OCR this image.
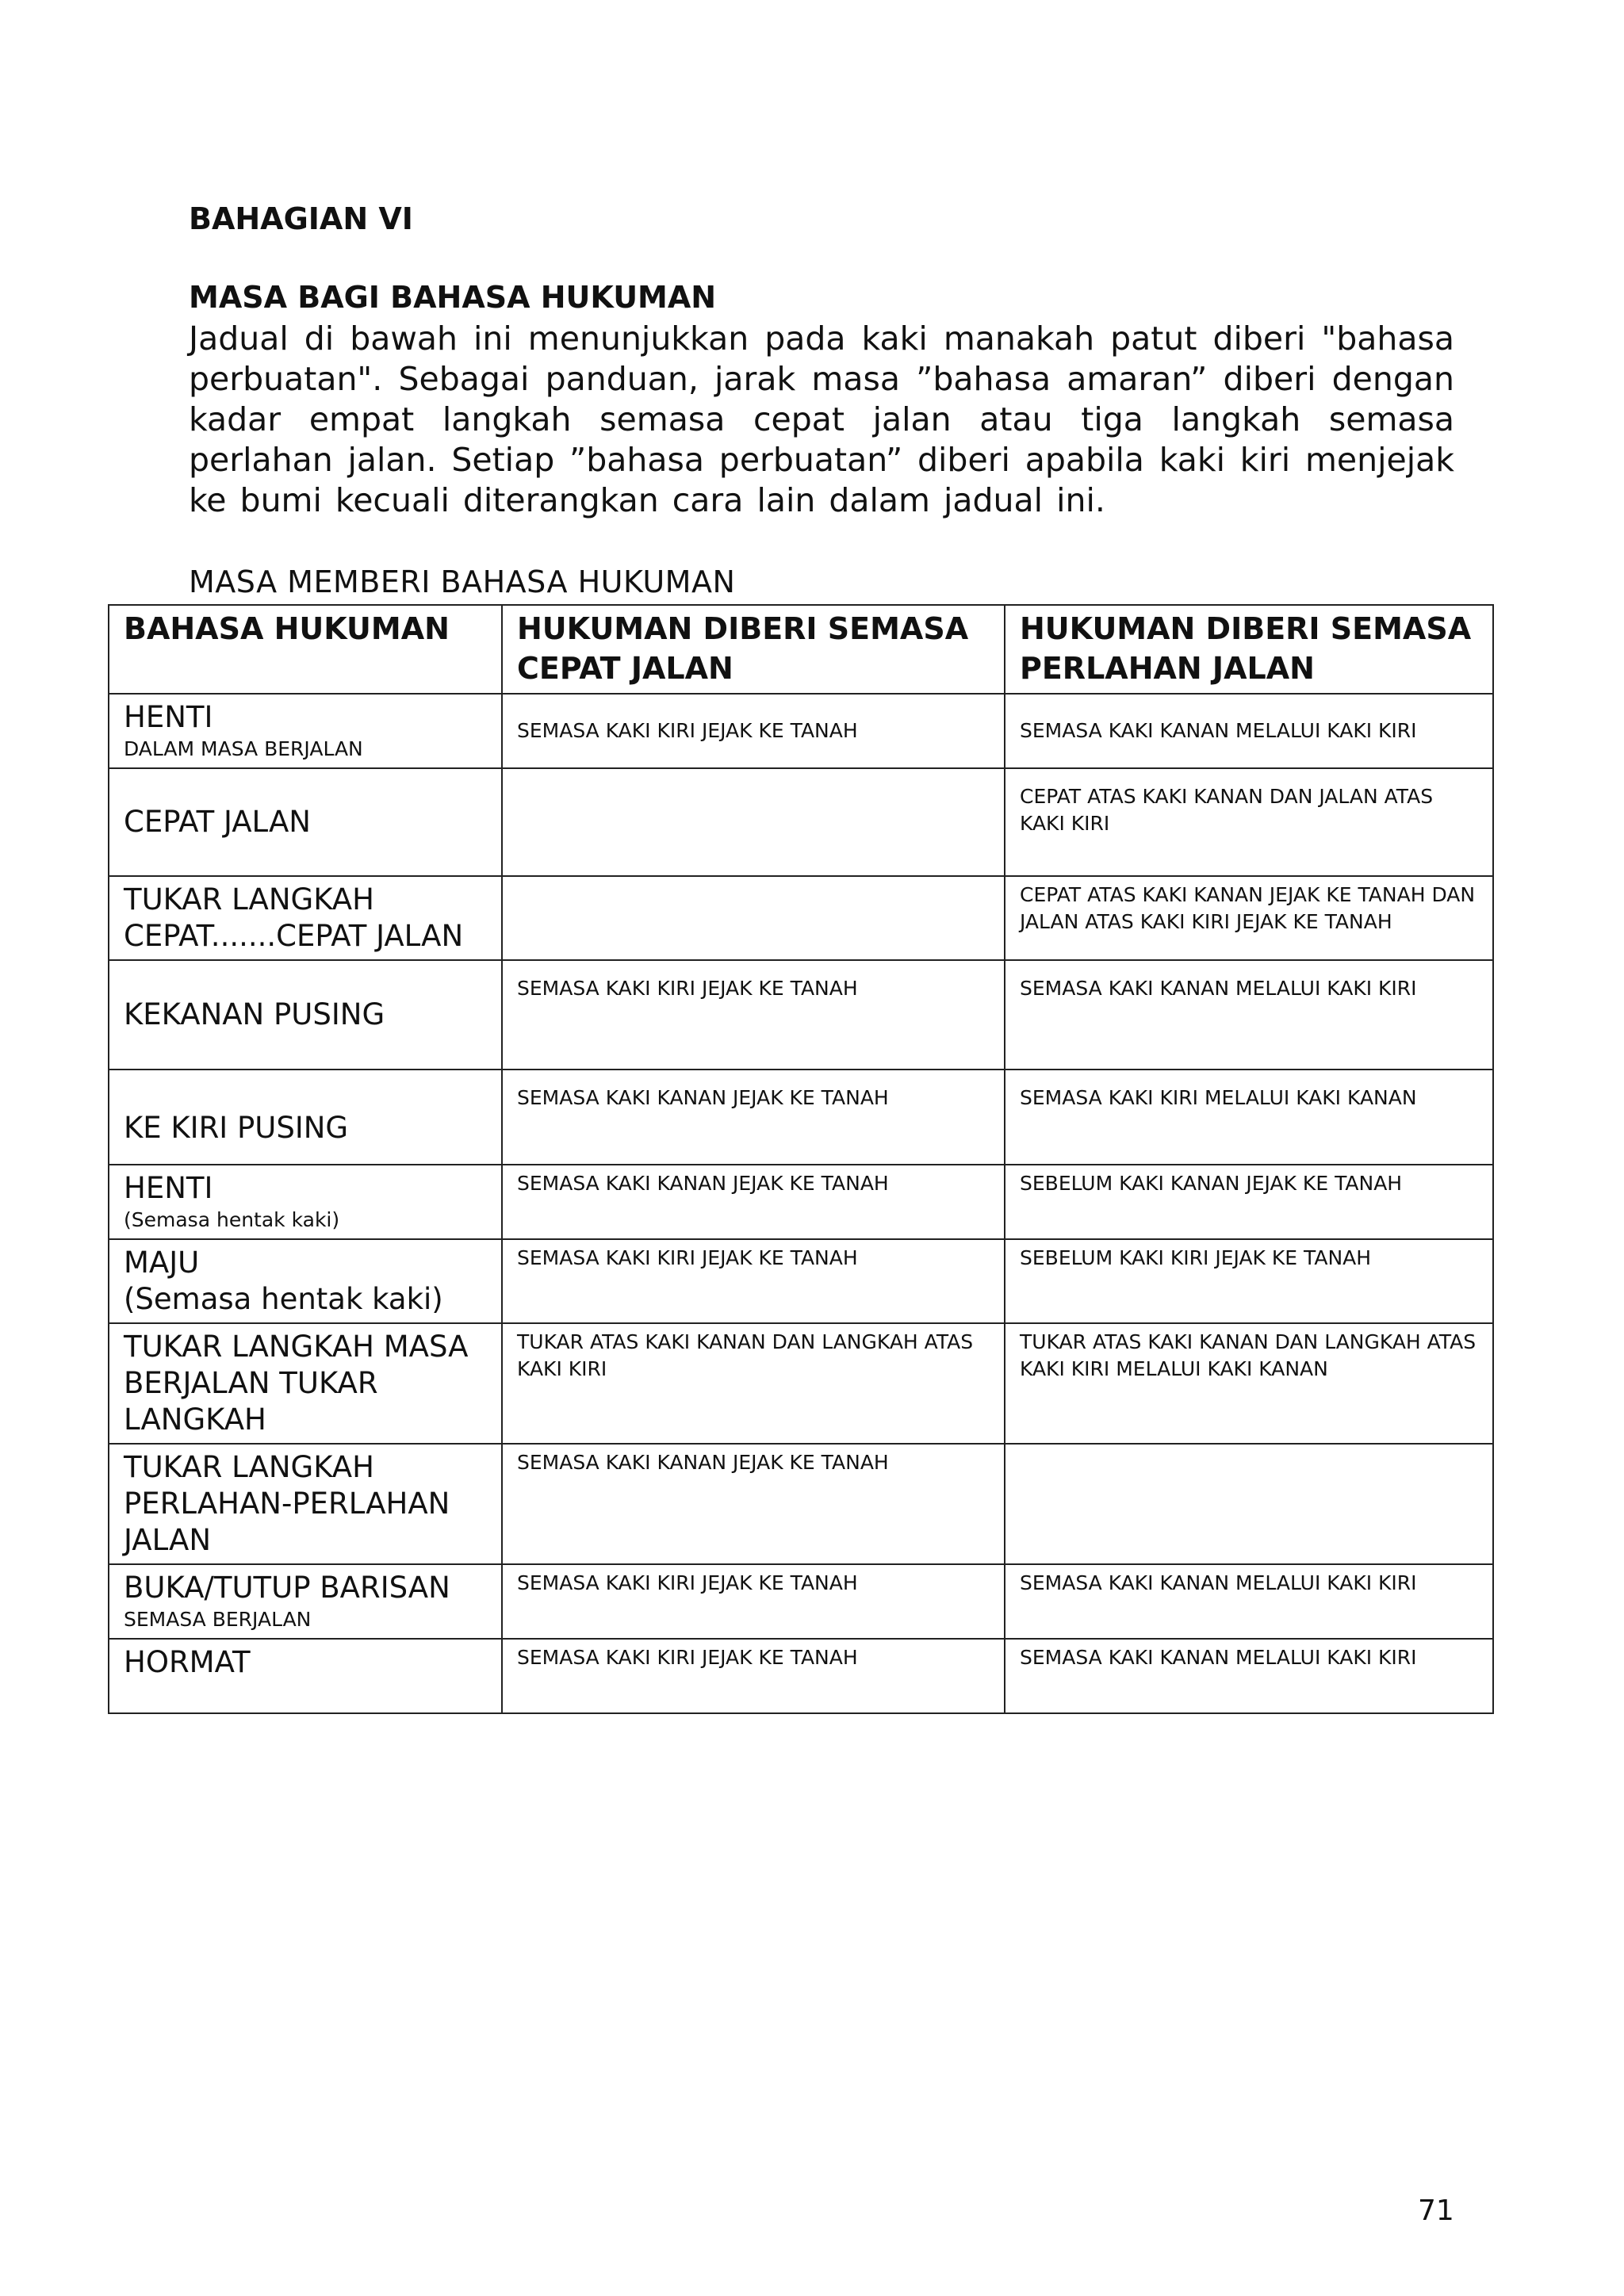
BAHAGIAN VI
MASA BAGI BAHASA HUKUMAN

Jadual di bawah ini menunjukkan pada kaki manakah patut diberi "bahasa perbuatan". Sebagai panduan, jarak masa ”bahasa amaran” diberi dengan kadar empat langkah semasa cepat jalan atau tiga langkah semasa perlahan jalan. Setiap ”bahasa perbuatan” diberi apabila kaki kiri menjejak ke bumi kecuali diterangkan cara lain dalam jadual ini.

MASA MEMBERI BAHASA HUKUMAN

BAHASA HUKUMAN	HUKUMAN DIBERI SEMASA CEPAT JALAN	HUKUMAN DIBERI SEMASA PERLAHAN JALAN

HENTI
DALAM MASA BERJALAN	SEMASA KAKI KIRI JEJAK KE TANAH	SEMASA KAKI KANAN MELALUI KAKI KIRI

CEPAT JALAN		CEPAT ATAS KAKI KANAN DAN JALAN ATAS KAKI KIRI

TUKAR LANGKAH CEPAT.......CEPAT JALAN		CEPAT ATAS KAKI KANAN JEJAK KE TANAH DAN JALAN ATAS KAKI KIRI JEJAK KE TANAH

KEKANAN PUSING	SEMASA KAKI KIRI JEJAK KE TANAH	SEMASA KAKI KANAN MELALUI KAKI KIRI

KE KIRI PUSING	SEMASA KAKI KANAN JEJAK KE TANAH	SEMASA KAKI KIRI MELALUI KAKI KANAN

HENTI
(Semasa hentak kaki)	SEMASA KAKI KANAN JEJAK KE TANAH	SEBELUM KAKI KANAN JEJAK KE TANAH

MAJU
(Semasa hentak kaki)	SEMASA KAKI KIRI JEJAK KE TANAH	SEBELUM KAKI KIRI JEJAK KE TANAH

TUKAR LANGKAH MASA BERJALAN TUKAR LANGKAH	TUKAR ATAS KAKI KANAN DAN LANGKAH ATAS KAKI KIRI	TUKAR ATAS KAKI KANAN DAN LANGKAH ATAS KAKI KIRI MELALUI KAKI KANAN

TUKAR LANGKAH PERLAHAN-PERLAHAN JALAN	SEMASA KAKI KANAN JEJAK KE TANAH	

BUKA/TUTUP BARISAN
SEMASA BERJALAN	SEMASA KAKI KIRI JEJAK KE TANAH	SEMASA KAKI KANAN MELALUI KAKI KIRI

HORMAT	SEMASA KAKI KIRI JEJAK KE TANAH	SEMASA KAKI KANAN MELALUI KAKI KIRI

71
